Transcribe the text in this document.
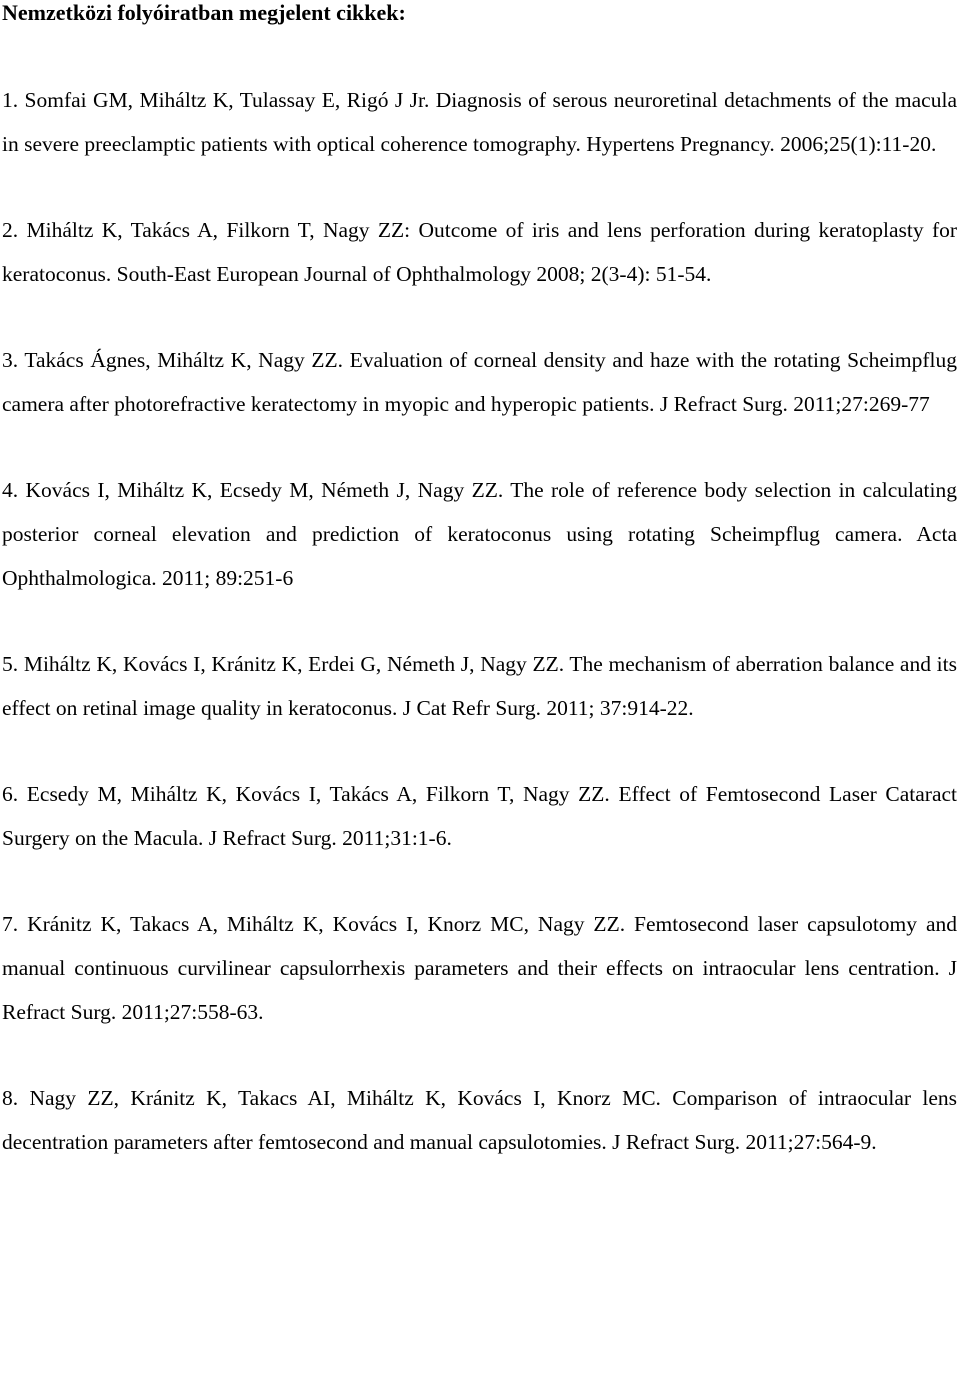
Nemzetközi folyóiratban megjelent cikkek:

1. Somfai GM, Miháltz K, Tulassay E, Rigó J Jr. Diagnosis of serous neuroretinal detachments of the macula in severe preeclamptic patients with optical coherence tomography. Hypertens Pregnancy. 2006;25(1):11-20.

2. Miháltz K, Takács A, Filkorn T, Nagy ZZ: Outcome of iris and lens perforation during keratoplasty for keratoconus. South-East European Journal of Ophthalmology 2008; 2(3-4): 51-54.

3. Takács Ágnes, Miháltz K, Nagy ZZ. Evaluation of corneal density and haze with the rotating Scheimpflug camera after photorefractive keratectomy in myopic and hyperopic patients. J Refract Surg. 2011;27:269-77

4. Kovács I, Miháltz K, Ecsedy M, Németh J, Nagy ZZ. The role of reference body selection in calculating posterior corneal elevation and prediction of keratoconus using rotating Scheimpflug camera. Acta Ophthalmologica. 2011; 89:251-6

5. Miháltz K, Kovács I, Kránitz K, Erdei G, Németh J, Nagy ZZ. The mechanism of aberration balance and its effect on retinal image quality in keratoconus. J Cat Refr Surg. 2011; 37:914-22.

6. Ecsedy M, Miháltz K, Kovács I, Takács A, Filkorn T, Nagy ZZ. Effect of Femtosecond Laser Cataract Surgery on the Macula. J Refract Surg. 2011;31:1-6.

7. Kránitz K, Takacs A, Miháltz K, Kovács I, Knorz MC, Nagy ZZ. Femtosecond laser capsulotomy and manual continuous curvilinear capsulorrhexis parameters and their effects on intraocular lens centration. J Refract Surg. 2011;27:558-63.

8. Nagy ZZ, Kránitz K, Takacs AI, Miháltz K, Kovács I, Knorz MC. Comparison of intraocular lens decentration parameters after femtosecond and manual capsulotomies. J Refract Surg. 2011;27:564-9.
